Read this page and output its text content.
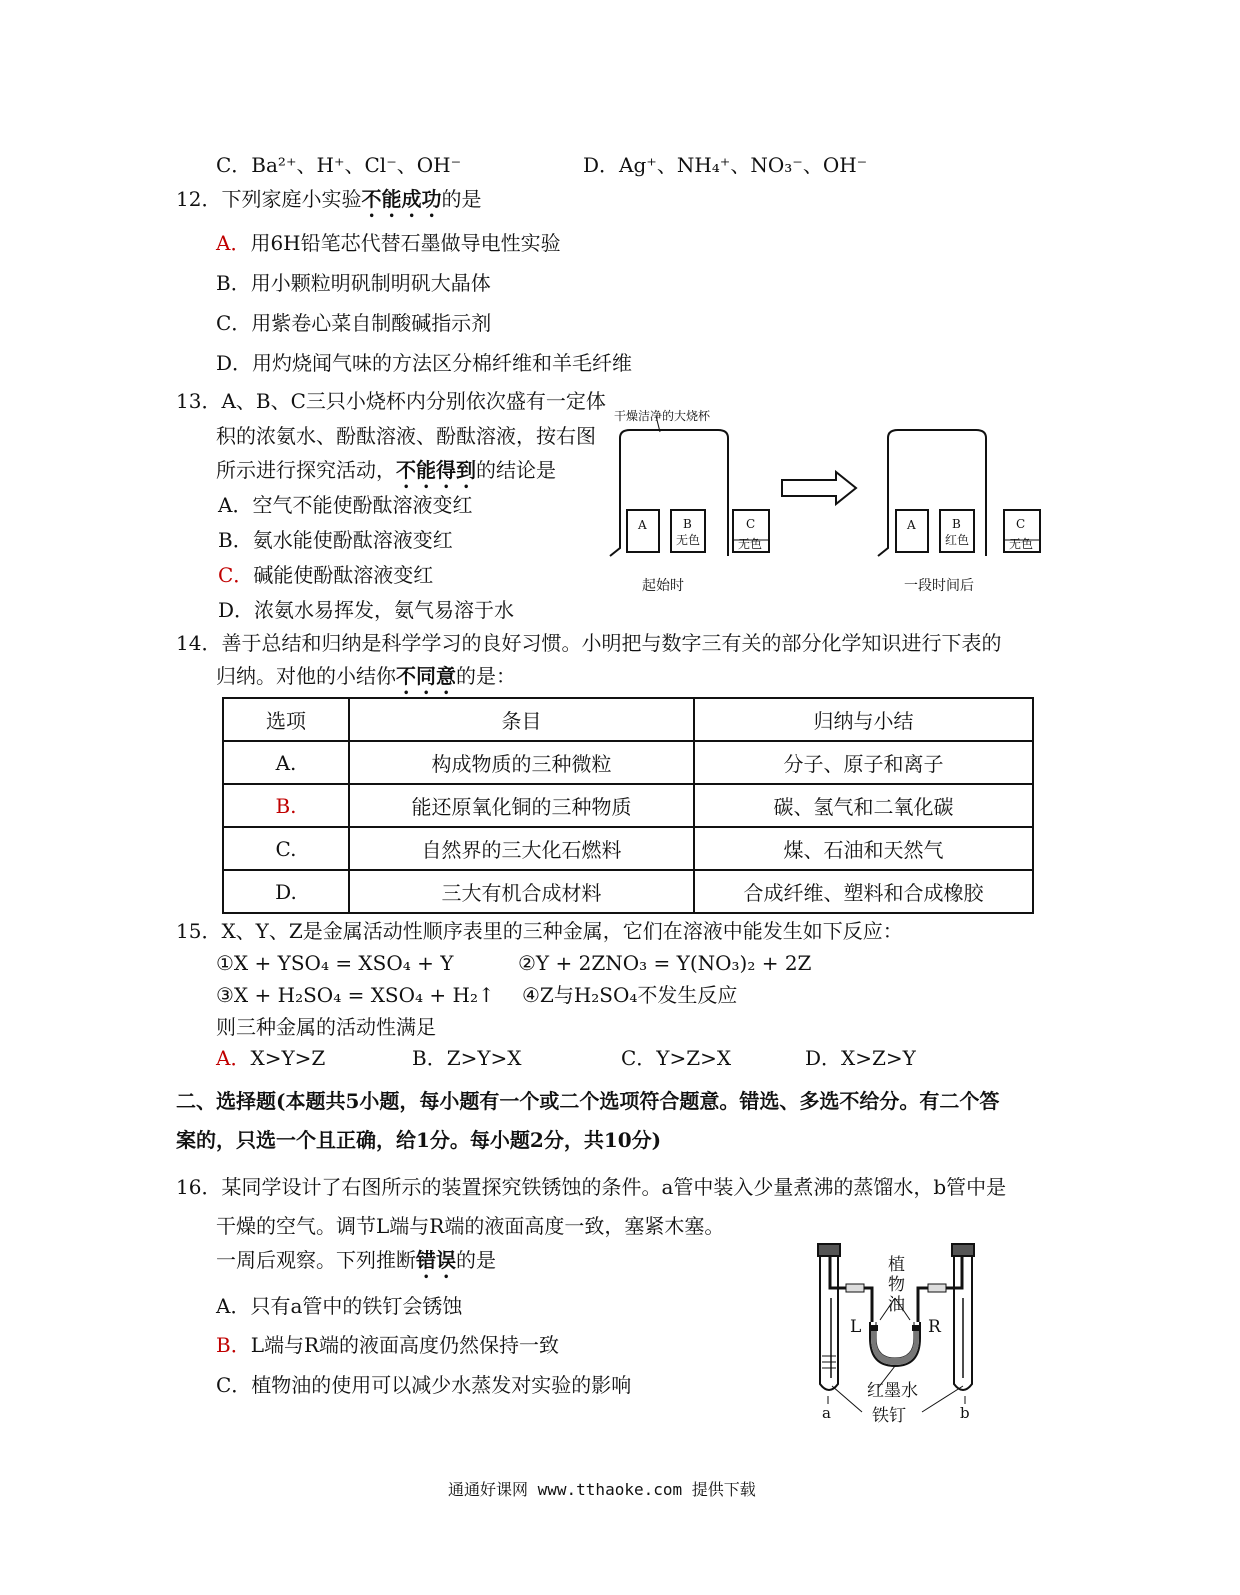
C．Ba²⁺、H⁺、Cl⁻、OH⁻	D．Ag⁺、NH₄⁺、NO₃⁻、OH⁻
12．下列家庭小实验不能成功的是
A．用6H铅笔芯代替石墨做导电性实验
B．用小颗粒明矾制明矾大晶体
C．用紫卷心菜自制酸碱指示剂
D．用灼烧闻气味的方法区分棉纤维和羊毛纤维
13．A、B、C三只小烧杯内分别依次盛有一定体
积的浓氨水、酚酞溶液、酚酞溶液，按右图
所示进行探究活动，不能得到的结论是
A．空气不能使酚酞溶液变红
B．氨水能使酚酞溶液变红
C．碱能使酚酞溶液变红
D．浓氨水易挥发，氨气易溶于水
干燥洁净的大烧杯
A	B
无色
C
无色
A	B
红色
C
无色
起始时	一段时间后
14．善于总结和归纳是科学学习的良好习惯。小明把与数字三有关的部分化学知识进行下表的
归纳。对他的小结你不同意的是：
选项	条目	归纳与小结
A.	构成物质的三种微粒	分子、原子和离子
B.	能还原氧化铜的三种物质	碳、氢气和二氧化碳
C.	自然界的三大化石燃料	煤、石油和天然气
D.	三大有机合成材料	合成纤维、塑料和合成橡胶
15．X、Y、Z是金属活动性顺序表里的三种金属，它们在溶液中能发生如下反应：
①X + YSO₄ = XSO₄ + Y	②Y + 2ZNO₃ = Y(NO₃)₂ + 2Z
③X + H₂SO₄ = XSO₄ + H₂↑ ④Z与H₂SO₄不发生反应
则三种金属的活动性满足
A．X>Y>Z	B．Z>Y>X	C．Y>Z>X	D．X>Z>Y
二、选择题(本题共5小题，每小题有一个或二个选项符合题意。错选、多选不给分。有二个答
案的，只选一个且正确，给1分。每小题2分，共10分)
16．某同学设计了右图所示的装置探究铁锈蚀的条件。a管中装入少量煮沸的蒸馏水，b管中是
干燥的空气。调节L端与R端的液面高度一致，塞紧木塞。
一周后观察。下列推断错误的是
A．只有a管中的铁钉会锈蚀
B．L端与R端的液面高度仍然保持一致
C．植物油的使用可以减少水蒸发对实验的影响
植
物
油
L	R
红墨水
铁钉
a	b
通通好课网 www.tthaoke.com 提供下载
